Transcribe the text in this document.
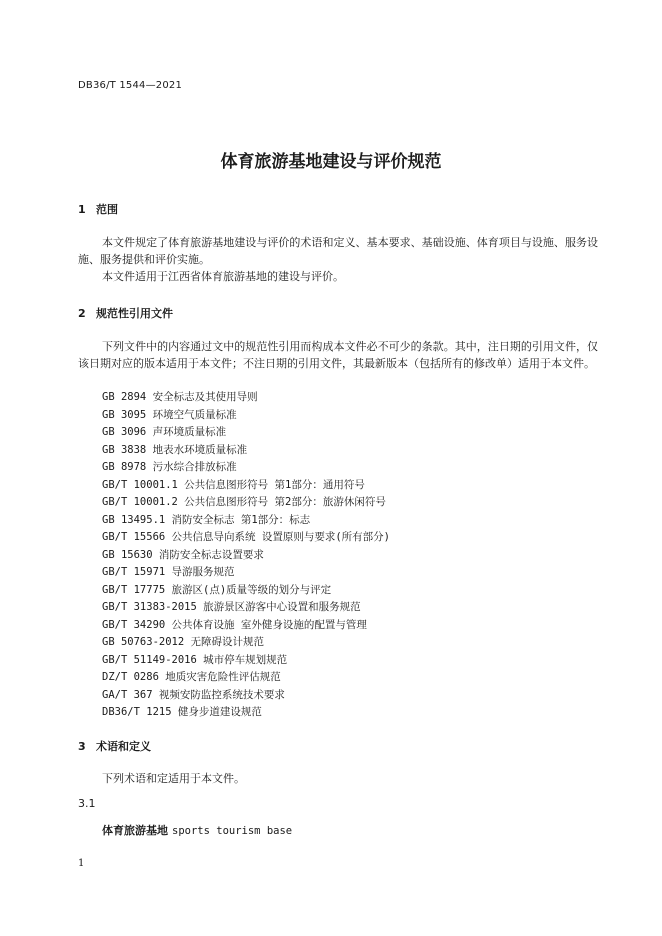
DB36/T 1544—2021
体育旅游基地建设与评价规范
1 范围

本文件规定了体育旅游基地建设与评价的术语和定义、基本要求、基础设施、体育项目与设施、服务设施、服务提供和评价实施。

本文件适用于江西省体育旅游基地的建设与评价。

2 规范性引用文件

下列文件中的内容通过文中的规范性引用而构成本文件必不可少的条款。其中，注日期的引用文件，仅该日期对应的版本适用于本文件；不注日期的引用文件，其最新版本（包括所有的修改单）适用于本文件。

GB 2894 安全标志及其使用导则
GB 3095 环境空气质量标准
GB 3096 声环境质量标准
GB 3838 地表水环境质量标准
GB 8978 污水综合排放标准
GB/T 10001.1 公共信息图形符号 第1部分：通用符号
GB/T 10001.2 公共信息图形符号 第2部分：旅游休闲符号
GB 13495.1 消防安全标志 第1部分：标志
GB/T 15566 公共信息导向系统 设置原则与要求(所有部分)
GB 15630 消防安全标志设置要求
GB/T 15971 导游服务规范
GB/T 17775 旅游区(点)质量等级的划分与评定
GB/T 31383-2015 旅游景区游客中心设置和服务规范
GB/T 34290 公共体育设施 室外健身设施的配置与管理
GB 50763-2012 无障碍设计规范
GB/T 51149-2016 城市停车规划规范
DZ/T 0286 地质灾害危险性评估规范
GA/T 367 视频安防监控系统技术要求
DB36/T 1215 健身步道建设规范
3 术语和定义

下列术语和定适用于本文件。

3.1
体育旅游基地 sports tourism base
1
